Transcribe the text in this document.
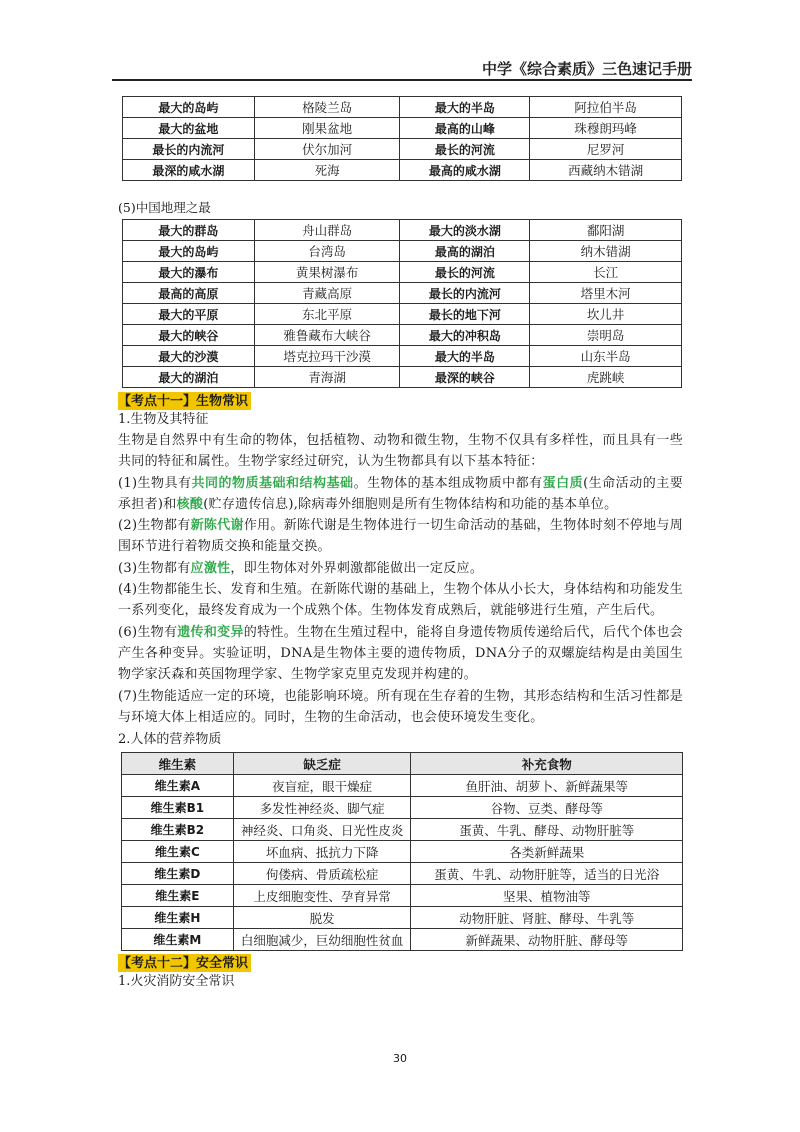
中学《综合素质》三色速记手册
最大的岛屿	格陵兰岛	最大的半岛	阿拉伯半岛
最大的盆地	刚果盆地	最高的山峰	珠穆朗玛峰
最长的内流河	伏尔加河	最长的河流	尼罗河
最深的咸水湖	死海	最高的咸水湖	西藏纳木错湖
(5)中国地理之最
最大的群岛	舟山群岛	最大的淡水湖	鄱阳湖
最大的岛屿	台湾岛	最高的湖泊	纳木错湖
最大的瀑布	黄果树瀑布	最长的河流	长江
最高的高原	青藏高原	最长的内流河	塔里木河
最大的平原	东北平原	最长的地下河	坎儿井
最大的峡谷	雅鲁藏布大峡谷	最大的冲积岛	崇明岛
最大的沙漠	塔克拉玛干沙漠	最大的半岛	山东半岛
最大的湖泊	青海湖	最深的峡谷	虎跳峡
【考点十一】生物常识
1.生物及其特征

生物是自然界中有生命的物体，包括植物、动物和微生物，生物不仅具有多样性，而且具有一些共同的特征和属性。生物学家经过研究，认为生物都具有以下基本特征：

(1)生物具有共同的物质基础和结构基础。生物体的基本组成物质中都有蛋白质(生命活动的主要承担者)和核酸(贮存遗传信息),除病毒外细胞则是所有生物体结构和功能的基本单位。

(2)生物都有新陈代谢作用。新陈代谢是生物体进行一切生命活动的基础，生物体时刻不停地与周围环节进行着物质交换和能量交换。

(3)生物都有应激性，即生物体对外界刺激都能做出一定反应。

(4)生物都能生长、发育和生殖。在新陈代谢的基础上，生物个体从小长大，身体结构和功能发生一系列变化，最终发育成为一个成熟个体。生物体发育成熟后，就能够进行生殖，产生后代。

(6)生物有遗传和变异的特性。生物在生殖过程中，能将自身遗传物质传递给后代，后代个体也会产生各种变异。实验证明，DNA是生物体主要的遗传物质，DNA分子的双螺旋结构是由美国生物学家沃森和英国物理学家、生物学家克里克发现并构建的。

(7)生物能适应一定的环境，也能影响环境。所有现在生存着的生物，其形态结构和生活习性都是与环境大体上相适应的。同时，生物的生命活动，也会使环境发生变化。

2.人体的营养物质
维生素	缺乏症	补充食物
维生素A	夜盲症，眼干燥症	鱼肝油、胡萝卜、新鲜蔬果等
维生素B1	多发性神经炎、脚气症	谷物、豆类、酵母等
维生素B2	神经炎、口角炎、日光性皮炎	蛋黄、牛乳、酵母、动物肝脏等
维生素C	坏血病、抵抗力下降	各类新鲜蔬果
维生素D	佝偻病、骨质疏松症	蛋黄、牛乳、动物肝脏等，适当的日光浴
维生素E	上皮细胞变性、孕育异常	坚果、植物油等
维生素H	脱发	动物肝脏、肾脏、酵母、牛乳等
维生素M	白细胞减少，巨幼细胞性贫血	新鲜蔬果、动物肝脏、酵母等
【考点十二】安全常识
1.火灾消防安全常识
30
